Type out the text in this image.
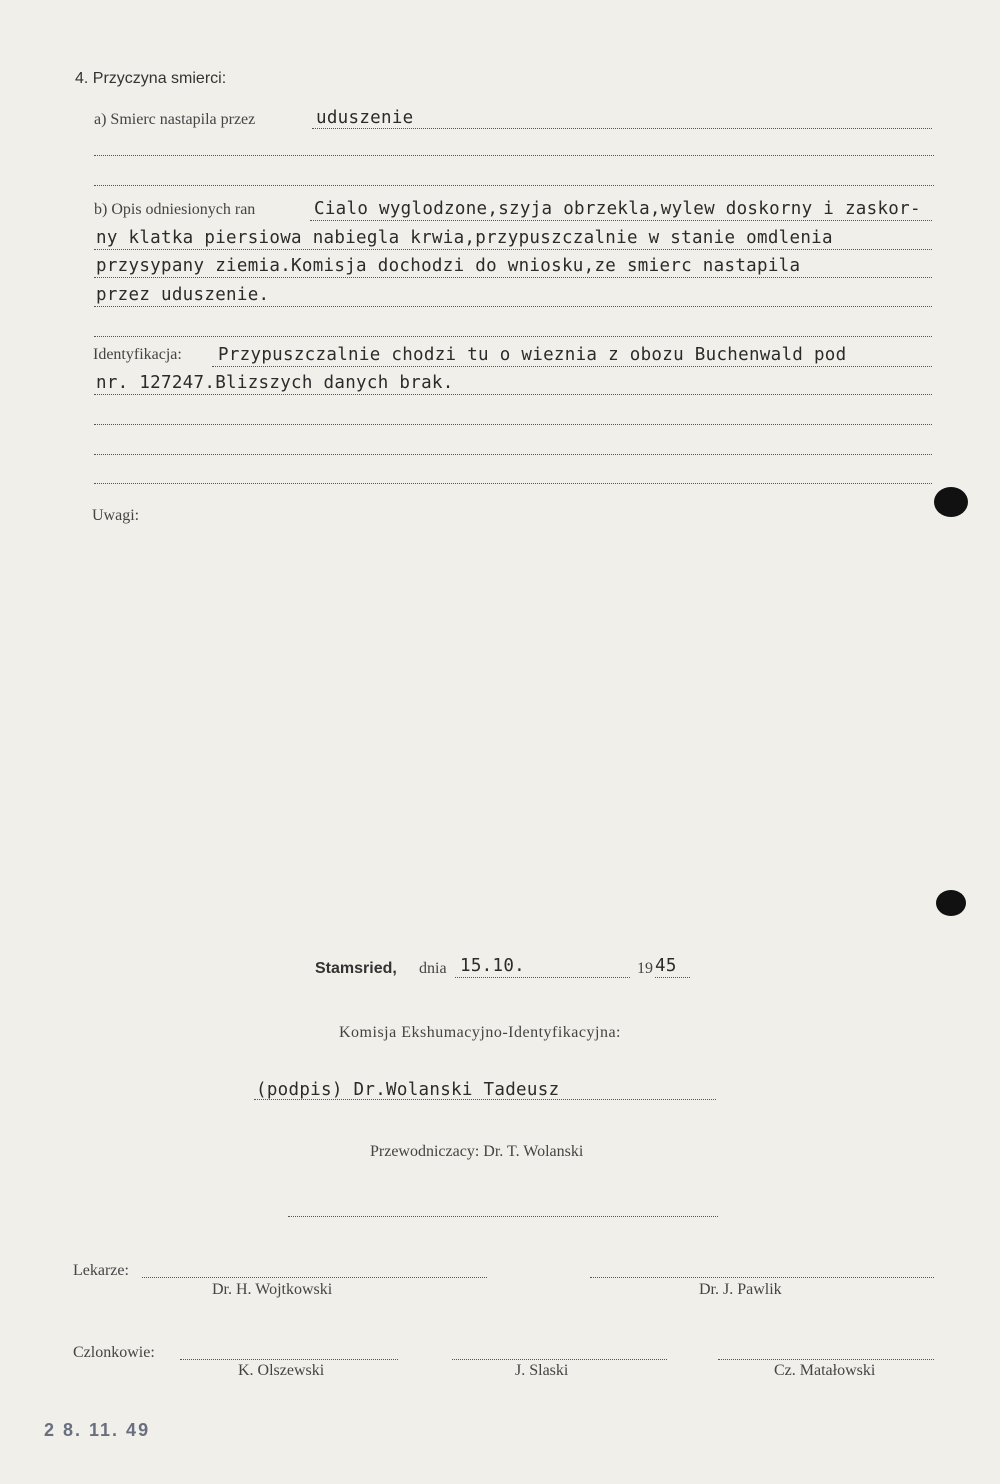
4. Przyczyna smierci:
a) Smierc nastapila przez	uduszenie
b) Opis odniesionych ran	Cialo wyglodzone,szyja obrzekla,wylew doskorny i zaskor-
ny klatka piersiowa nabiegla krwia,przypuszczalnie w stanie omdlenia
przysypany ziemia.Komisja dochodzi do wniosku,ze smierc nastapila
przez uduszenie.
Identyfikacja: Przypuszczalnie chodzi tu o wieznia z obozu Buchenwald pod
nr. 127247.Blizszych danych brak.
Uwagi:
Stamsried, dnia 15.10.	19 45
Komisja Ekshumacyjno-Identyfikacyjna:
(podpis) Dr.Wolanski Tadeusz
Przewodniczacy: Dr. T. Wolanski
Lekarze:
Dr. H. Wojtkowski	Dr. J. Pawlik
Czlonkowie:
K. Olszewski	J. Slaski	Cz. Matałowski
2 8. 11. 49
